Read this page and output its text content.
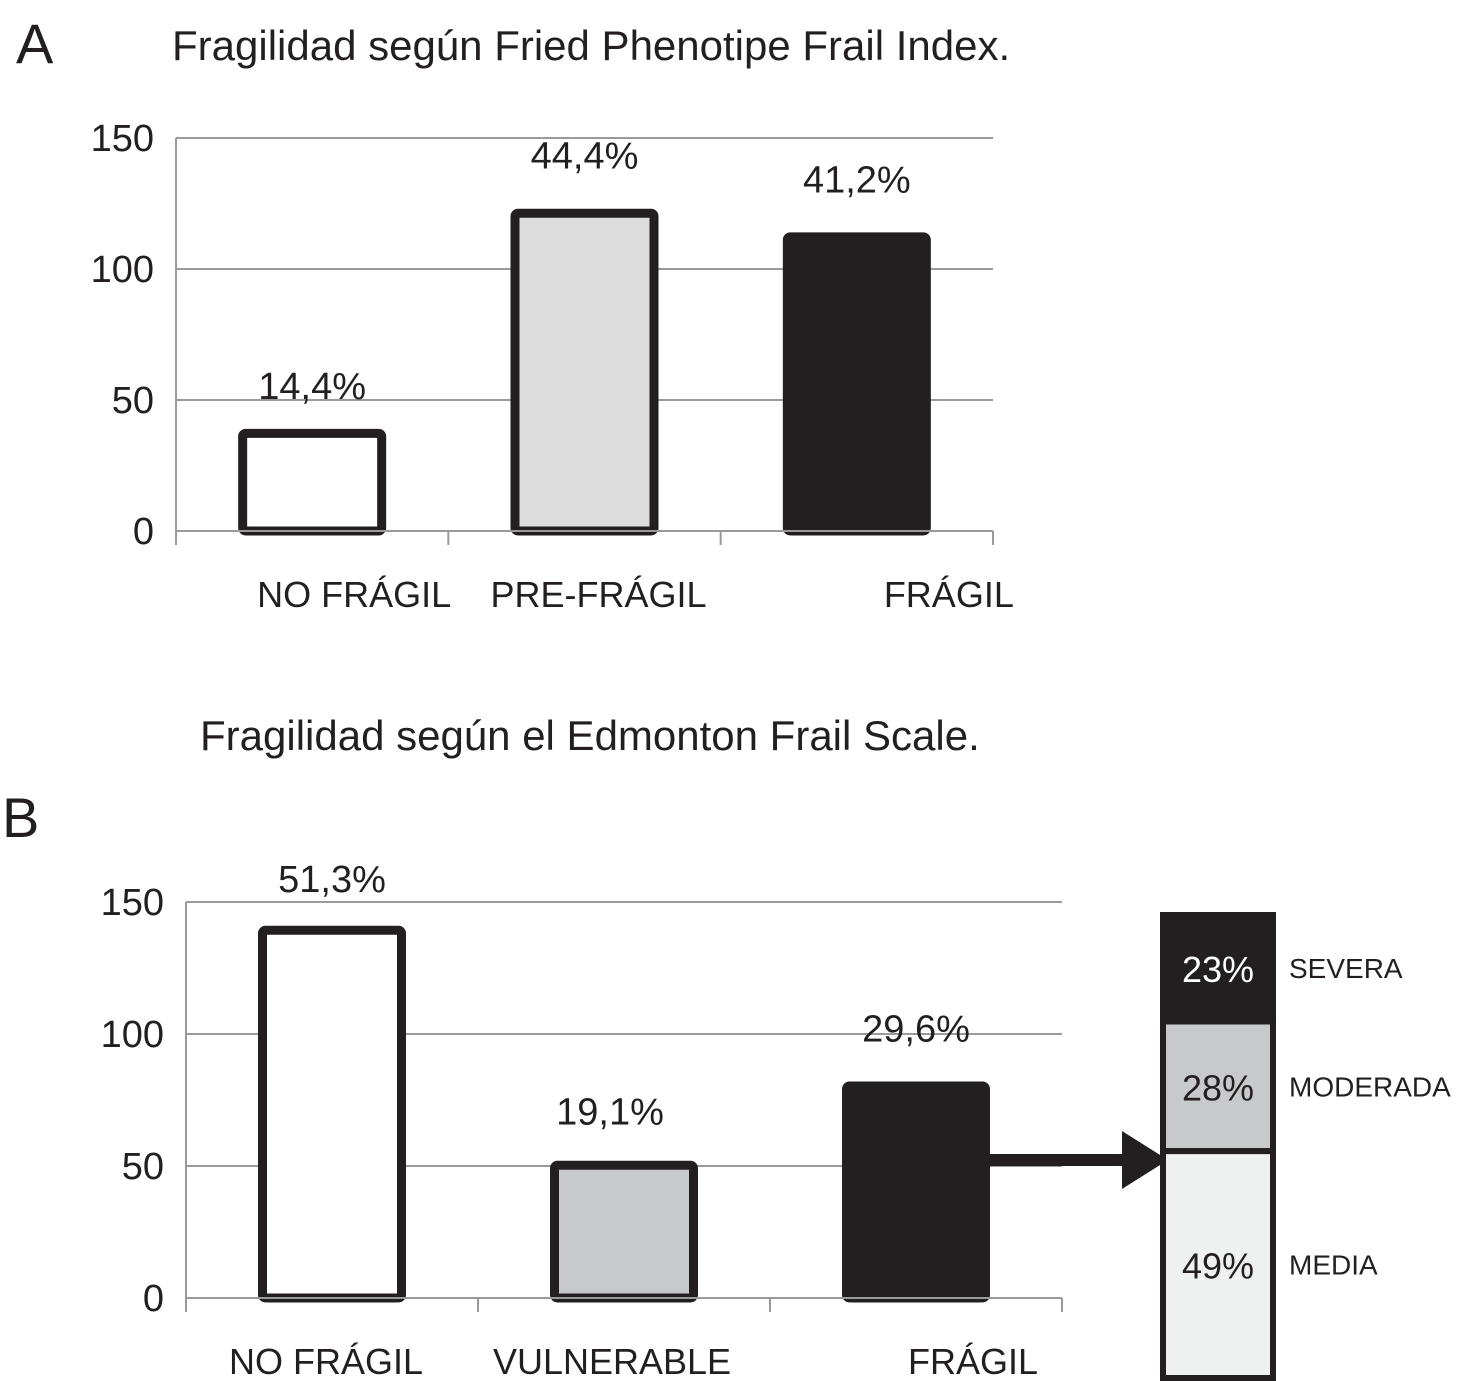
A	Fragilidad según Fried Phenotipe Frail Index.
0
50
100
150
14,4%
44,4%
41,2%
NO FRÁGIL PRE-FRÁGIL	FRÁGIL
Fragilidad según el Edmonton Frail Scale.
B
0
50
100
150
51,3%
19,1%
29,6%
NO FRÁGIL VULNERABLE	FRÁGIL
23% SEVERA
28% MODERADA
49% MEDIA
